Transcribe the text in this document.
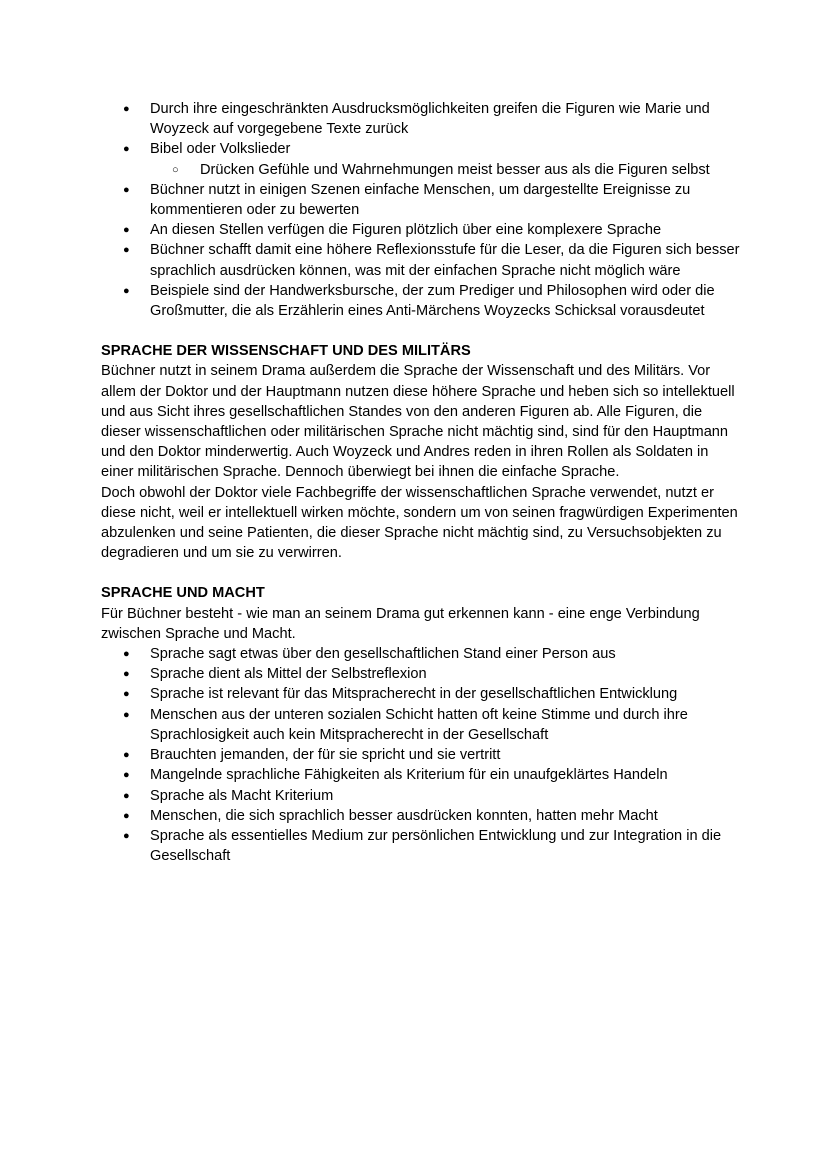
● Durch ihre eingeschränkten Ausdrucksmöglichkeiten greifen die Figuren wie Marie und Woyzeck auf vorgegebene Texte zurück
● Bibel oder Volkslieder
○ Drücken Gefühle und Wahrnehmungen meist besser aus als die Figuren selbst
● Büchner nutzt in einigen Szenen einfache Menschen, um dargestellte Ereignisse zu kommentieren oder zu bewerten
● An diesen Stellen verfügen die Figuren plötzlich über eine komplexere Sprache
● Büchner schafft damit eine höhere Reflexionsstufe für die Leser, da die Figuren sich besser sprachlich ausdrücken können, was mit der einfachen Sprache nicht möglich wäre
● Beispiele sind der Handwerksbursche, der zum Prediger und Philosophen wird oder die Großmutter, die als Erzählerin eines Anti-Märchens Woyzecks Schicksal vorausdeutet
SPRACHE DER WISSENSCHAFT UND DES MILITÄRS

Büchner nutzt in seinem Drama außerdem die Sprache der Wissenschaft und des Militärs. Vor allem der Doktor und der Hauptmann nutzen diese höhere Sprache und heben sich so intellektuell und aus Sicht ihres gesellschaftlichen Standes von den anderen Figuren ab. Alle Figuren, die dieser wissenschaftlichen oder militärischen Sprache nicht mächtig sind, sind für den Hauptmann und den Doktor minderwertig. Auch Woyzeck und Andres reden in ihren Rollen als Soldaten in einer militärischen Sprache. Dennoch überwiegt bei ihnen die einfache Sprache.

Doch obwohl der Doktor viele Fachbegriffe der wissenschaftlichen Sprache verwendet, nutzt er diese nicht, weil er intellektuell wirken möchte, sondern um von seinen fragwürdigen Experimenten abzulenken und seine Patienten, die dieser Sprache nicht mächtig sind, zu Versuchsobjekten zu degradieren und um sie zu verwirren.

SPRACHE UND MACHT

Für Büchner besteht - wie man an seinem Drama gut erkennen kann - eine enge Verbindung zwischen Sprache und Macht.

● Sprache sagt etwas über den gesellschaftlichen Stand einer Person aus
● Sprache dient als Mittel der Selbstreflexion
● Sprache ist relevant für das Mitspracherecht in der gesellschaftlichen Entwicklung
● Menschen aus der unteren sozialen Schicht hatten oft keine Stimme und durch ihre Sprachlosigkeit auch kein Mitspracherecht in der Gesellschaft
● Brauchten jemanden, der für sie spricht und sie vertritt
● Mangelnde sprachliche Fähigkeiten als Kriterium für ein unaufgeklärtes Handeln
● Sprache als Macht Kriterium
● Menschen, die sich sprachlich besser ausdrücken konnten, hatten mehr Macht
● Sprache als essentielles Medium zur persönlichen Entwicklung und zur Integration in die Gesellschaft
